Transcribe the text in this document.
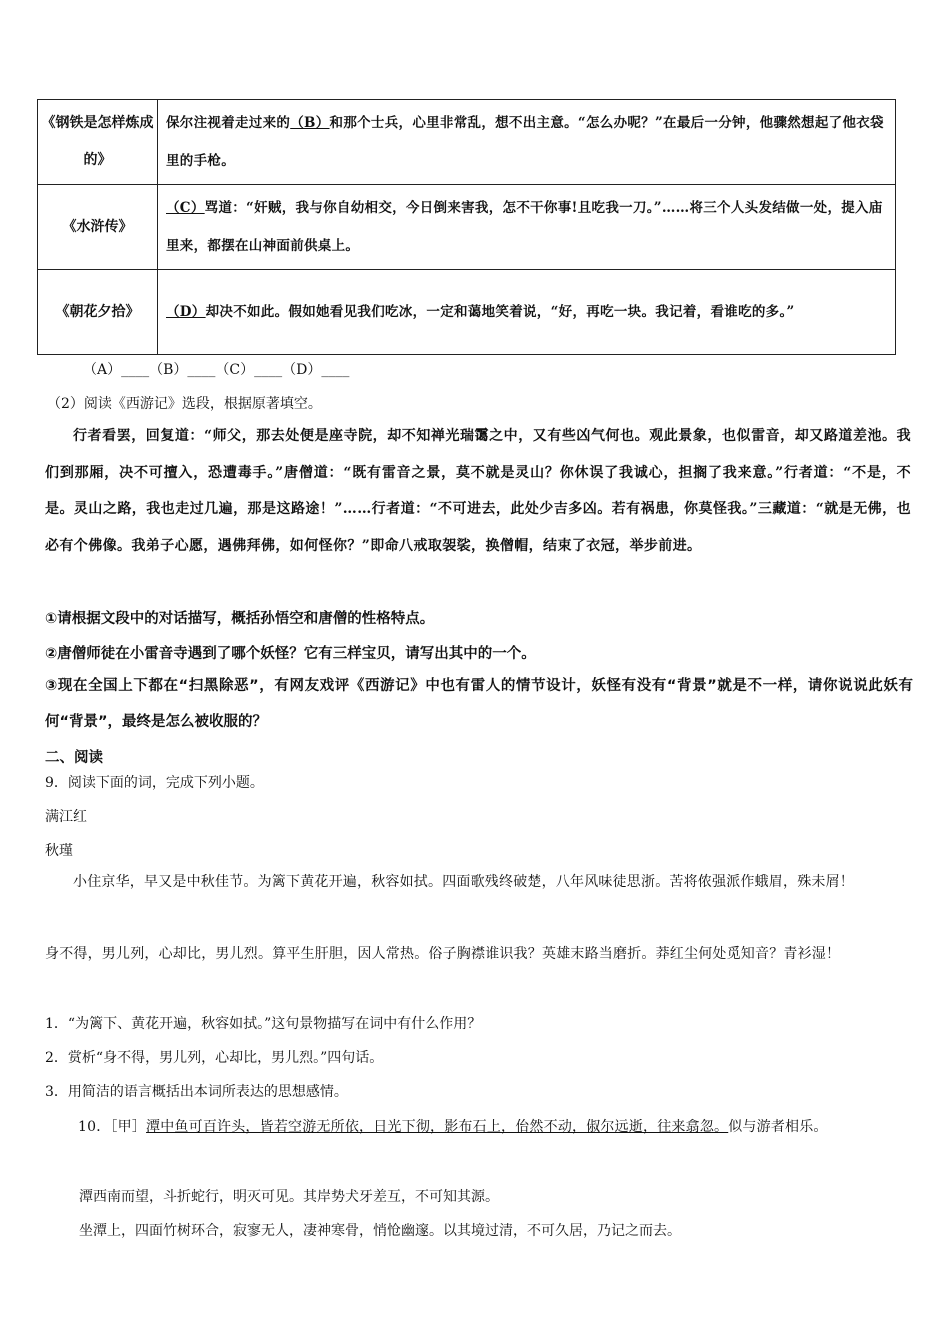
《钢铁是怎样炼成的》	保尔注视着走过来的（B）和那个士兵，心里非常乱，想不出主意。“怎么办呢？”在最后一分钟，他骤然想起了他衣袋里的手枪。
《水浒传》	（C）骂道：“奸贼，我与你自幼相交，今日倒来害我，怎不干你事!且吃我一刀。”……将三个人头发结做一处，提入庙里来，都摆在山神面前供桌上。
《朝花夕拾》	（D）却决不如此。假如她看见我们吃冰，一定和蔼地笑着说，“好，再吃一块。我记着，看谁吃的多。”
（A）____（B）____（C）____（D）____
（2）阅读《西游记》选段，根据原著填空。
行者看罢，回复道：“师父，那去处便是座寺院，却不知禅光瑞霭之中，又有些凶气何也。观此景象，也似雷音，却又路道差池。我们到那厢，决不可擅入，恐遭毒手。”唐僧道：“既有雷音之景，莫不就是灵山？你休误了我诚心，担搁了我来意。”行者道：“不是，不是。灵山之路，我也走过几遍，那是这路途！”……行者道：“不可进去，此处少吉多凶。若有祸患，你莫怪我。”三藏道：“就是无佛，也必有个佛像。我弟子心愿，遇佛拜佛，如何怪你？”即命八戒取袈裟，换僧帽，结束了衣冠，举步前进。
①请根据文段中的对话描写，概括孙悟空和唐僧的性格特点。
②唐僧师徒在小雷音寺遇到了哪个妖怪？它有三样宝贝，请写出其中的一个。
③现在全国上下都在“扫黑除恶”，有网友戏评《西游记》中也有雷人的情节设计，妖怪有没有“背景”就是不一样，请你说说此妖有何“背景”，最终是怎么被收服的？
二、阅读
9．阅读下面的词，完成下列小题。
满江红
秋瑾
小住京华，早又是中秋佳节。为篱下黄花开遍，秋容如拭。四面歌残终破楚，八年风味徒思浙。苦将侬强派作蛾眉，殊未屑！
身不得，男儿列，心却比，男儿烈。算平生肝胆，因人常热。俗子胸襟谁识我？英雄末路当磨折。莽红尘何处觅知音？青衫湿！
1．“为篱下、黄花开遍，秋容如拭。”这句景物描写在词中有什么作用？
2．赏析“身不得，男儿列，心却比，男儿烈。”四句话。
3．用简洁的语言概括出本词所表达的思想感情。
10．［甲］潭中鱼可百许头，皆若空游无所依，日光下彻，影布石上，佁然不动，俶尔远逝，往来翕忽。似与游者相乐。
潭西南而望，斗折蛇行，明灭可见。其岸势犬牙差互，不可知其源。
坐潭上，四面竹树环合，寂寥无人，凄神寒骨，悄怆幽邃。以其境过清，不可久居，乃记之而去。
